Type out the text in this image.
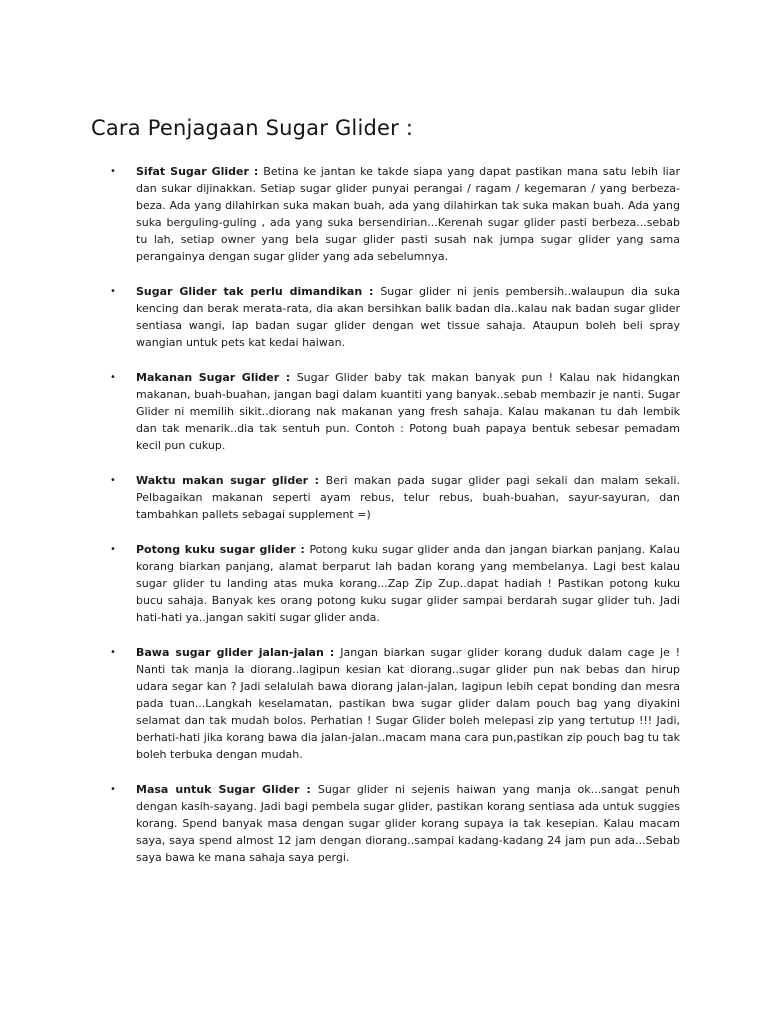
Cara Penjagaan Sugar Glider :
• Sifat Sugar Glider : Betina ke jantan ke takde siapa yang dapat pastikan mana satu lebih liar dan sukar dijinakkan. Setiap sugar glider punyai perangai / ragam / kegemaran / yang berbeza-beza. Ada yang dilahirkan suka makan buah, ada yang dilahirkan tak suka makan buah. Ada yang suka berguling-guling , ada yang suka bersendirian...Kerenah sugar glider pasti berbeza...sebab tu lah, setiap owner yang bela sugar glider pasti susah nak jumpa sugar glider yang sama perangainya dengan sugar glider yang ada sebelumnya.
• Sugar Glider tak perlu dimandikan : Sugar glider ni jenis pembersih..walaupun dia suka kencing dan berak merata-rata, dia akan bersihkan balik badan dia..kalau nak badan sugar glider sentiasa wangi, lap badan sugar glider dengan wet tissue sahaja. Ataupun boleh beli spray wangian untuk pets kat kedai haiwan.
• Makanan Sugar Glider : Sugar Glider baby tak makan banyak pun ! Kalau nak hidangkan makanan, buah-buahan, jangan bagi dalam kuantiti yang banyak..sebab membazir je nanti. Sugar Glider ni memilih sikit..diorang nak makanan yang fresh sahaja. Kalau makanan tu dah lembik dan tak menarik..dia tak sentuh pun. Contoh : Potong buah papaya bentuk sebesar pemadam kecil pun cukup.
• Waktu makan sugar glider : Beri makan pada sugar glider pagi sekali dan malam sekali. Pelbagaikan makanan seperti ayam rebus, telur rebus, buah-buahan, sayur-sayuran, dan tambahkan pallets sebagai supplement =)
• Potong kuku sugar glider : Potong kuku sugar glider anda dan jangan biarkan panjang. Kalau korang biarkan panjang, alamat berparut lah badan korang yang membelanya. Lagi best kalau sugar glider tu landing atas muka korang...Zap Zip Zup..dapat hadiah ! Pastikan potong kuku bucu sahaja. Banyak kes orang potong kuku sugar glider sampai berdarah sugar glider tuh. Jadi hati-hati ya..jangan sakiti sugar glider anda.
• Bawa sugar glider jalan-jalan : Jangan biarkan sugar glider korang duduk dalam cage je ! Nanti tak manja la diorang..lagipun kesian kat diorang..sugar glider pun nak bebas dan hirup udara segar kan ? Jadi selalulah bawa diorang jalan-jalan, lagipun lebih cepat bonding dan mesra pada tuan...Langkah keselamatan, pastikan bwa sugar glider dalam pouch bag yang diyakini selamat dan tak mudah bolos. Perhatian ! Sugar Glider boleh melepasi zip yang tertutup !!! Jadi, berhati-hati jika korang bawa dia jalan-jalan..macam mana cara pun,pastikan zip pouch bag tu tak boleh terbuka dengan mudah.
• Masa untuk Sugar Glider : Sugar glider ni sejenis haiwan yang manja ok...sangat penuh dengan kasih-sayang. Jadi bagi pembela sugar glider, pastikan korang sentiasa ada untuk suggies korang. Spend banyak masa dengan sugar glider korang supaya ia tak kesepian. Kalau macam saya, saya spend almost 12 jam dengan diorang..sampai kadang-kadang 24 jam pun ada...Sebab saya bawa ke mana sahaja saya pergi.
